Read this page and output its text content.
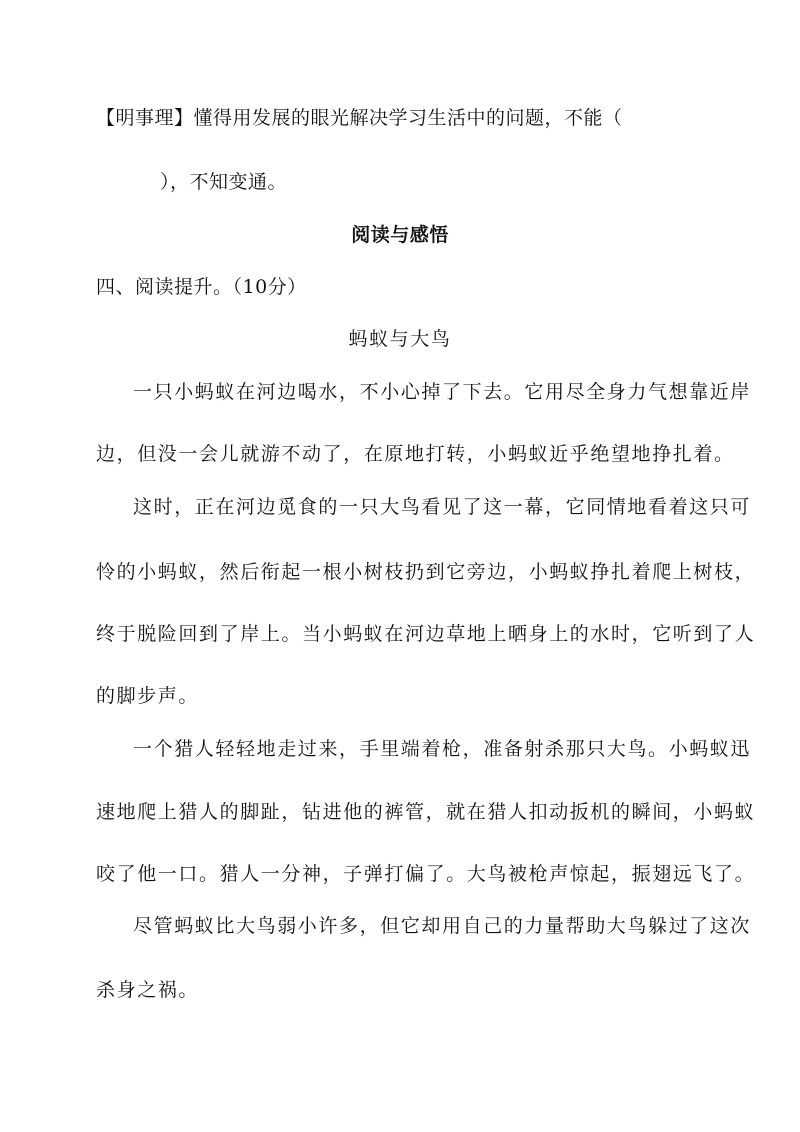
【明事理】懂得用发展的眼光解决学习生活中的问题，不能（
），不知变通。
阅读与感悟
四、阅读提升。（10分）
蚂蚁与大鸟
一只小蚂蚁在河边喝水，不小心掉了下去。它用尽全身力气想靠近岸
边，但没一会儿就游不动了，在原地打转，小蚂蚁近乎绝望地挣扎着。
这时，正在河边觅食的一只大鸟看见了这一幕，它同情地看着这只可
怜的小蚂蚁，然后衔起一根小树枝扔到它旁边，小蚂蚁挣扎着爬上树枝，
终于脱险回到了岸上。当小蚂蚁在河边草地上晒身上的水时，它听到了人
的脚步声。
一个猎人轻轻地走过来，手里端着枪，准备射杀那只大鸟。小蚂蚁迅
速地爬上猎人的脚趾，钻进他的裤管，就在猎人扣动扳机的瞬间，小蚂蚁
咬了他一口。猎人一分神，子弹打偏了。大鸟被枪声惊起，振翅远飞了。
尽管蚂蚁比大鸟弱小许多，但它却用自己的力量帮助大鸟躲过了这次
杀身之祸。
